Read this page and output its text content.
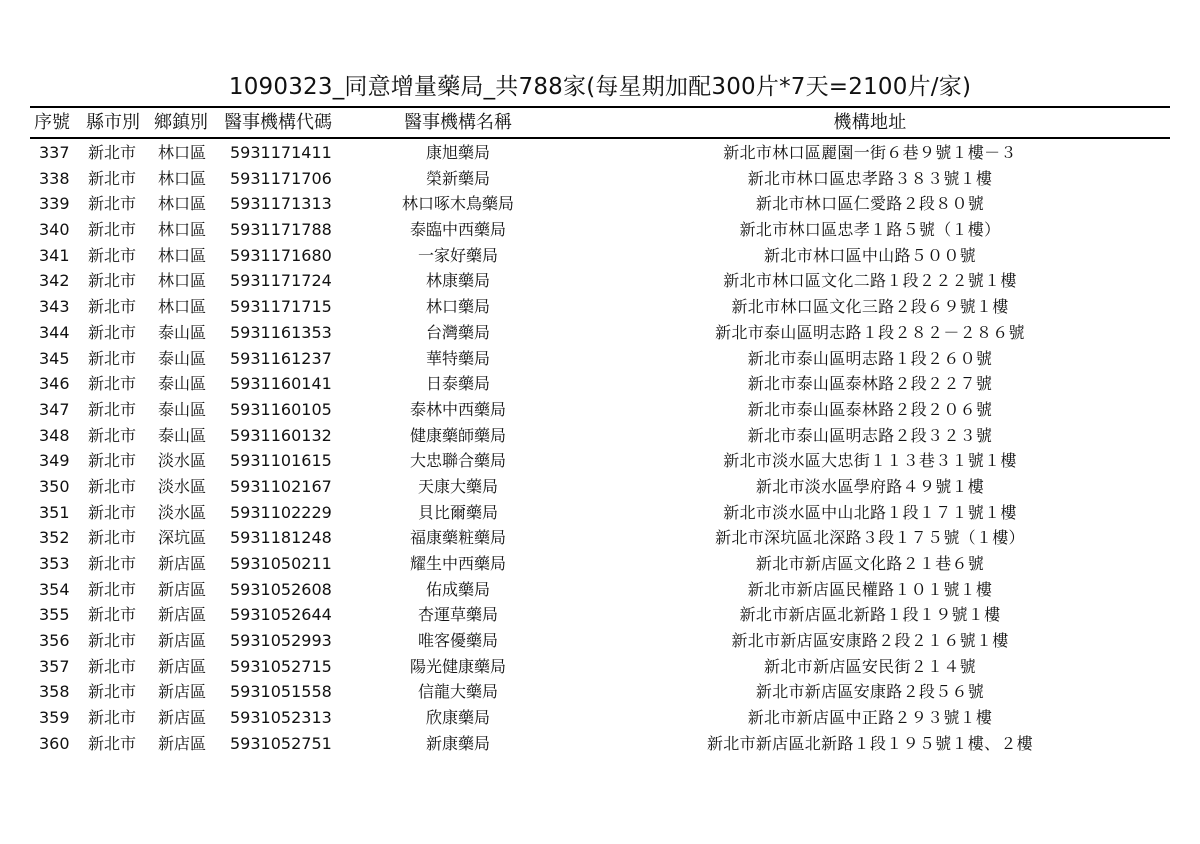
1090323_同意增量藥局_共788家(每星期加配300片*7天=2100片/家)
序號 縣市別 鄉鎮別 醫事機構代碼	醫事機構名稱	機構地址
337 新北市 林口區 5931171411	康旭藥局	新北市林口區麗園一街６巷９號１樓－３
338 新北市 林口區 5931171706	榮新藥局	新北市林口區忠孝路３８３號１樓
339 新北市 林口區 5931171313	林口啄木鳥藥局	新北市林口區仁愛路２段８０號
340 新北市 林口區 5931171788	泰臨中西藥局	新北市林口區忠孝１路５號（１樓）
341 新北市 林口區 5931171680	一家好藥局	新北市林口區中山路５００號
342 新北市 林口區 5931171724	林康藥局	新北市林口區文化二路１段２２２號１樓
343 新北市 林口區 5931171715	林口藥局	新北市林口區文化三路２段６９號１樓
344 新北市 泰山區 5931161353	台灣藥局	新北市泰山區明志路１段２８２－２８６號
345 新北市 泰山區 5931161237	華特藥局	新北市泰山區明志路１段２６０號
346 新北市 泰山區 5931160141	日泰藥局	新北市泰山區泰林路２段２２７號
347 新北市 泰山區 5931160105	泰林中西藥局	新北市泰山區泰林路２段２０６號
348 新北市 泰山區 5931160132	健康藥師藥局	新北市泰山區明志路２段３２３號
349 新北市 淡水區 5931101615	大忠聯合藥局	新北市淡水區大忠街１１３巷３１號１樓
350 新北市 淡水區 5931102167	天康大藥局	新北市淡水區學府路４９號１樓
351 新北市 淡水區 5931102229	貝比爾藥局	新北市淡水區中山北路１段１７１號１樓
352 新北市 深坑區 5931181248	福康藥粧藥局	新北市深坑區北深路３段１７５號（１樓）
353 新北市 新店區 5931050211	耀生中西藥局	新北市新店區文化路２１巷６號
354 新北市 新店區 5931052608	佑成藥局	新北市新店區民權路１０１號１樓
355 新北市 新店區 5931052644	杏運草藥局	新北市新店區北新路１段１９號１樓
356 新北市 新店區 5931052993	唯客優藥局	新北市新店區安康路２段２１６號１樓
357 新北市 新店區 5931052715	陽光健康藥局	新北市新店區安民街２１４號
358 新北市 新店區 5931051558	信龍大藥局	新北市新店區安康路２段５６號
359 新北市 新店區 5931052313	欣康藥局	新北市新店區中正路２９３號１樓
360 新北市 新店區 5931052751	新康藥局	新北市新店區北新路１段１９５號１樓、２樓
